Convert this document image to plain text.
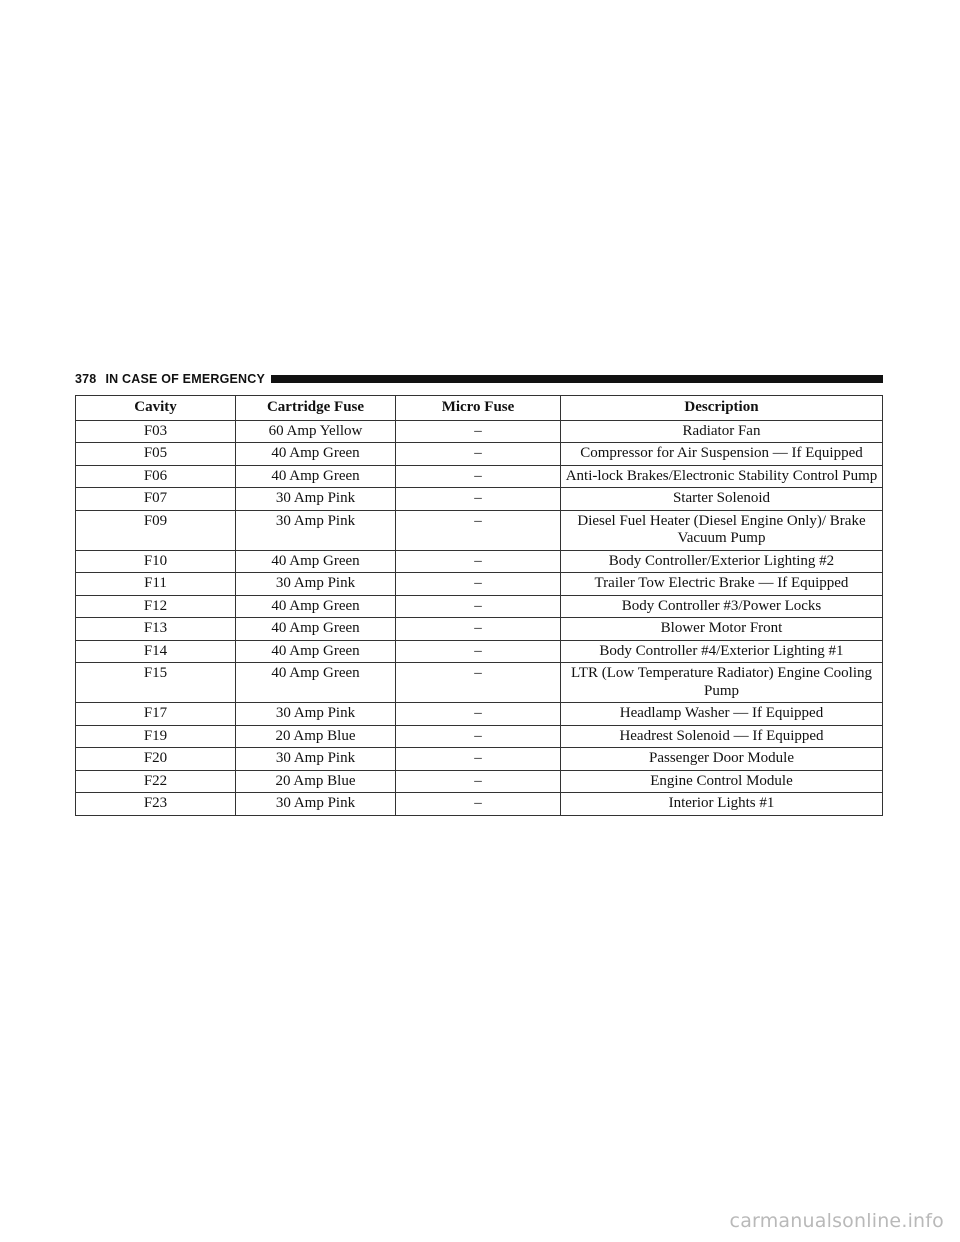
378 IN CASE OF EMERGENCY
Cavity	Cartridge Fuse	Micro Fuse	Description
F03	60 Amp Yellow	–	Radiator Fan
F05	40 Amp Green	–	Compressor for Air Suspension — If Equipped
F06	40 Amp Green	–	Anti-lock Brakes/Electronic Stability Control Pump
F07	30 Amp Pink	–	Starter Solenoid
F09	30 Amp Pink	–	Diesel Fuel Heater (Diesel Engine Only)/ Brake Vacuum Pump
F10	40 Amp Green	–	Body Controller/Exterior Lighting #2
F11	30 Amp Pink	–	Trailer Tow Electric Brake — If Equipped
F12	40 Amp Green	–	Body Controller #3/Power Locks
F13	40 Amp Green	–	Blower Motor Front
F14	40 Amp Green	–	Body Controller #4/Exterior Lighting #1
F15	40 Amp Green	–	LTR (Low Temperature Radiator) Engine Cooling Pump
F17	30 Amp Pink	–	Headlamp Washer — If Equipped
F19	20 Amp Blue	–	Headrest Solenoid — If Equipped
F20	30 Amp Pink	–	Passenger Door Module
F22	20 Amp Blue	–	Engine Control Module
F23	30 Amp Pink	–	Interior Lights #1
carmanualsonline.info
